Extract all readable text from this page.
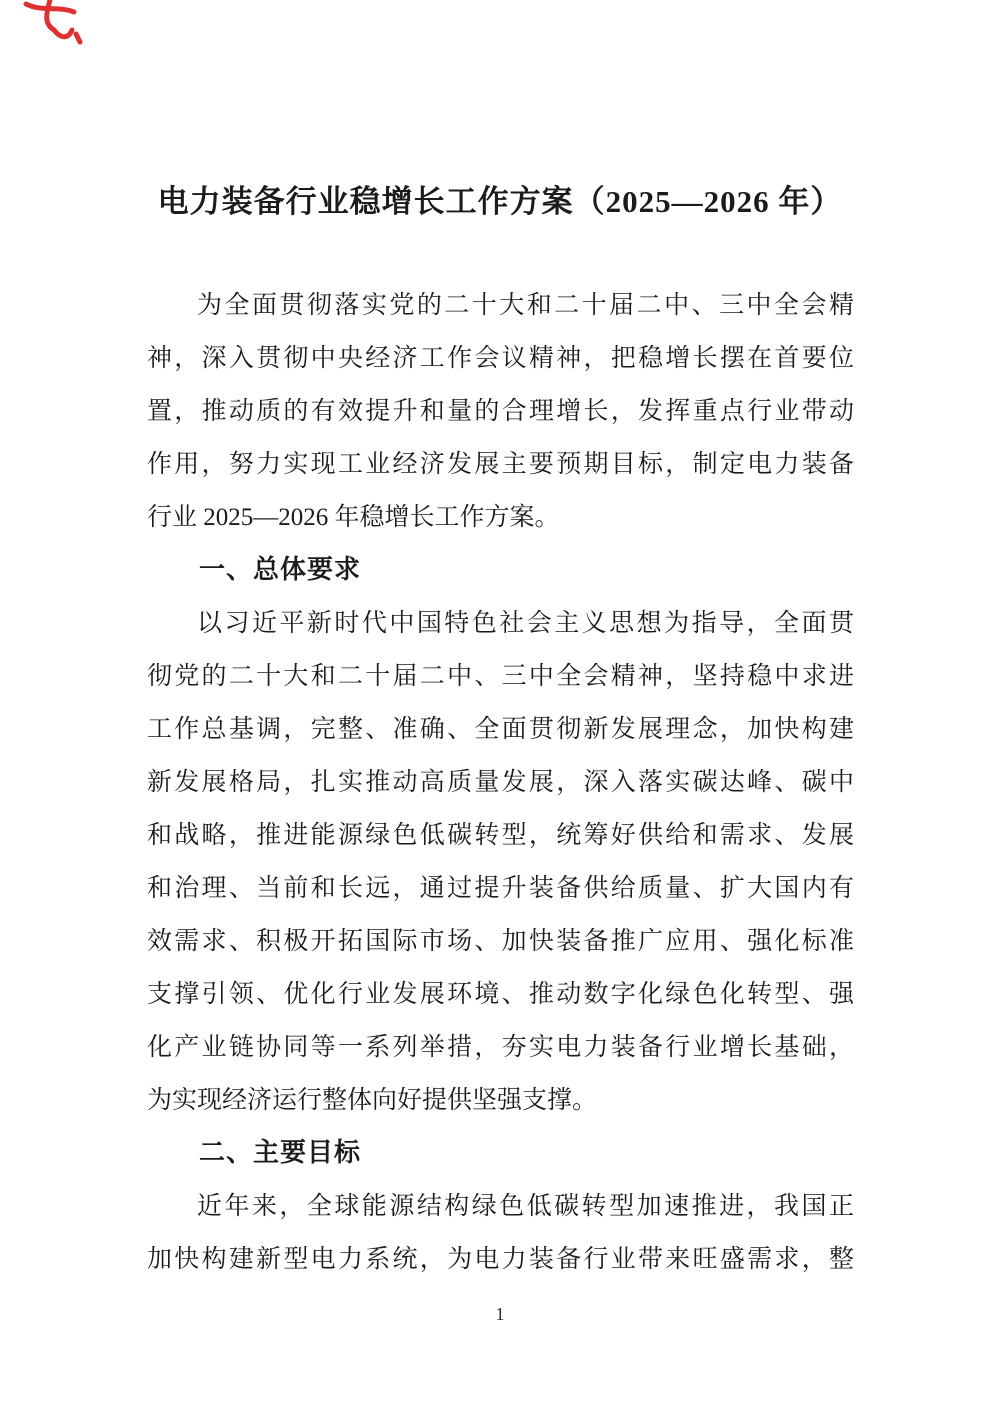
电力装备行业稳增长工作方案（2025—2026 年）
为全面贯彻落实党的二十大和二十届二中、三中全会精
神，深入贯彻中央经济工作会议精神，把稳增长摆在首要位
置，推动质的有效提升和量的合理增长，发挥重点行业带动
作用，努力实现工业经济发展主要预期目标，制定电力装备
行业 2025—2026 年稳增长工作方案。
一、总体要求
以习近平新时代中国特色社会主义思想为指导，全面贯
彻党的二十大和二十届二中、三中全会精神，坚持稳中求进
工作总基调，完整、准确、全面贯彻新发展理念，加快构建
新发展格局，扎实推动高质量发展，深入落实碳达峰、碳中
和战略，推进能源绿色低碳转型，统筹好供给和需求、发展
和治理、当前和长远，通过提升装备供给质量、扩大国内有
效需求、积极开拓国际市场、加快装备推广应用、强化标准
支撑引领、优化行业发展环境、推动数字化绿色化转型、强
化产业链协同等一系列举措，夯实电力装备行业增长基础，
为实现经济运行整体向好提供坚强支撑。
二、主要目标
近年来，全球能源结构绿色低碳转型加速推进，我国正
加快构建新型电力系统，为电力装备行业带来旺盛需求，整
1
